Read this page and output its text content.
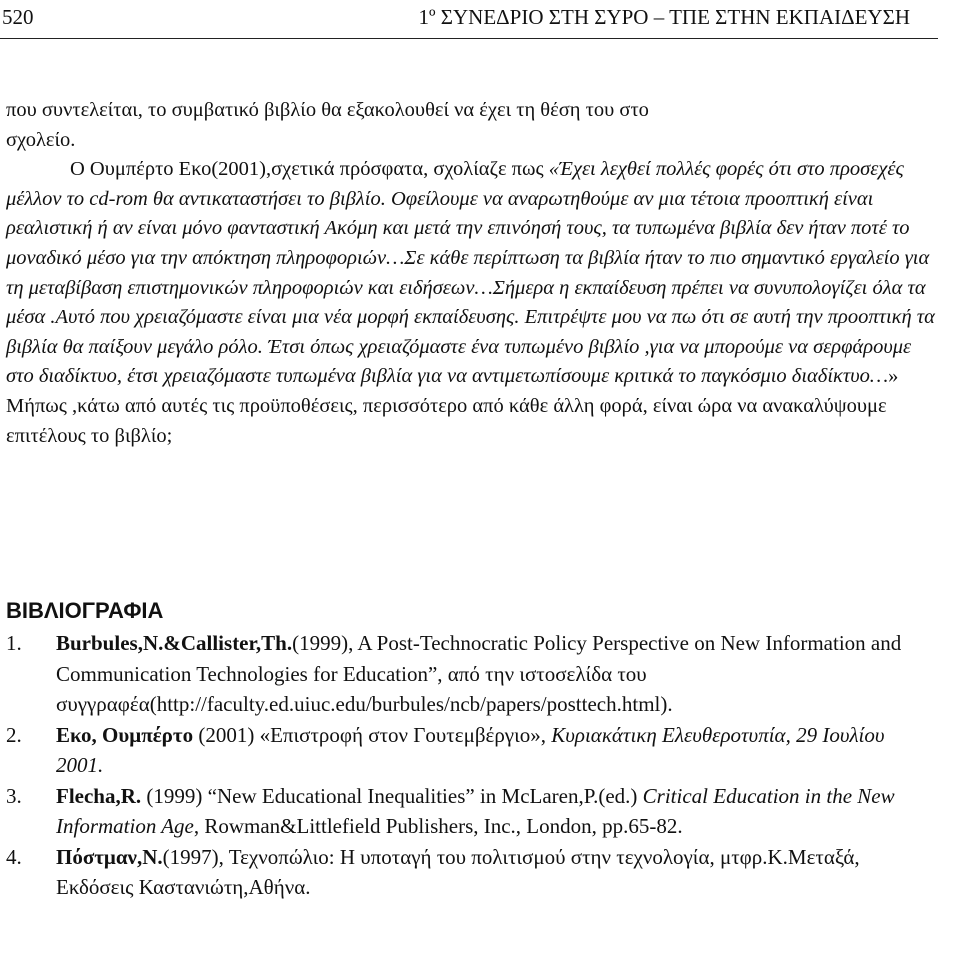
520	1º ΣΥΝΕΔΡΙΟ ΣΤΗ ΣΥΡΟ – ΤΠΕ ΣΤΗΝ ΕΚΠΑΙΔΕΥΣΗ

που συντελείται, το συμβατικό βιβλίο θα εξακολουθεί να έχει τη θέση του στο
σχολείο.

Ο Ουμπέρτο Εκο(2001),σχετικά πρόσφατα, σχολίαζε πως «Έχει λεχθεί πολλές φορές ότι στο προσεχές μέλλον το cd-rom θα αντικαταστήσει το βιβλίο. Οφείλουμε να αναρωτηθούμε αν μια τέτοια προοπτική είναι ρεαλιστική ή αν είναι μόνο φανταστική Ακόμη και μετά την επινόησή τους, τα τυπωμένα βιβλία δεν ήταν ποτέ το μοναδικό μέσο για την απόκτηση πληροφοριών…Σε κάθε περίπτωση τα βιβλία ήταν το πιο σημαντικό εργαλείο για τη μεταβίβαση επιστημονικών πληροφοριών και ειδήσεων…Σήμερα η εκπαίδευση πρέπει να συνυπολογίζει όλα τα μέσα .Αυτό που χρειαζόμαστε είναι μια νέα μορφή εκπαίδευσης. Επιτρέψτε μου να πω ότι σε αυτή την προοπτική τα βιβλία θα παίξουν μεγάλο ρόλο. Έτσι όπως χρειαζόμαστε ένα τυπωμένο βιβλίο ,για να μπορούμε να σερφάρουμε στο διαδίκτυο, έτσι χρειαζόμαστε τυπωμένα βιβλία για να αντιμετωπίσουμε κριτικά το παγκόσμιο διαδίκτυο…» Μήπως ,κάτω από αυτές τις προϋποθέσεις, περισσότερο από κάθε άλλη φορά, είναι ώρα να ανακαλύψουμε επιτέλους το βιβλίο;

ΒΙΒΛΙΟΓΡΑΦΙΑ

1. Burbules,N.&Callister,Th.(1999), A Post-Technocratic Policy Perspective on New Information and Communication Technologies for Education”, από την ιστοσελίδα του συγγραφέα(http://faculty.ed.uiuc.edu/burbules/ncb/papers/posttech.html).

2. Εκο, Ουμπέρτο (2001) «Επιστροφή στον Γουτεμβέργιο», Κυριακάτικη Ελευθεροτυπία, 29 Ιουλίου 2001.

3. Flecha,R. (1999) “New Educational Inequalities” in McLaren,P.(ed.) Critical Education in the New Information Age, Rowman&Littlefield Publishers, Inc., London, pp.65-82.

4. Πόστμαν,Ν.(1997), Τεχνοπώλιο: Η υποταγή του πολιτισμού στην τεχνολογία, μτφρ.Κ.Μεταξά, Εκδόσεις Καστανιώτη,Αθήνα.
